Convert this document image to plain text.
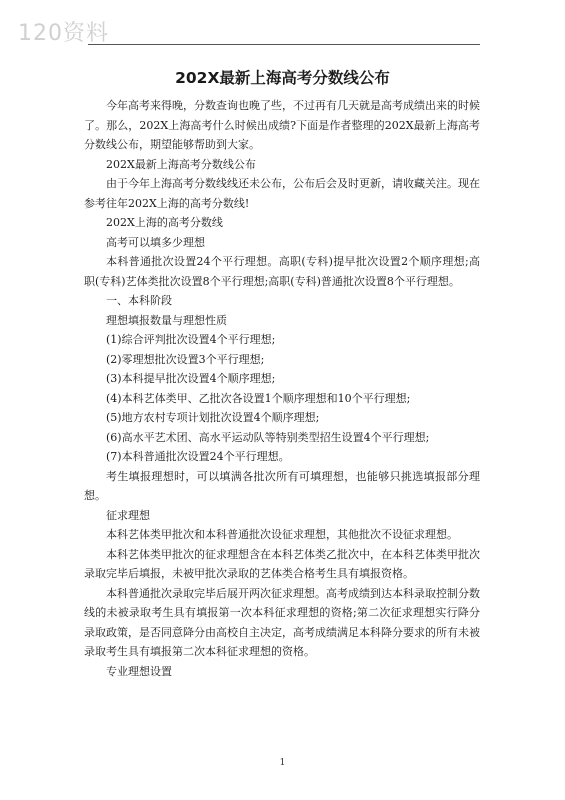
120资料
202X最新上海高考分数线公布

今年高考来得晚，分数查询也晚了些，不过再有几天就是高考成绩出来的时候了。那么，202X上海高考什么时候出成绩?下面是作者整理的202X最新上海高考分数线公布，期望能够帮助到大家。

202X最新上海高考分数线公布

由于今年上海高考分数线线还未公布，公布后会及时更新，请收藏关注。现在参考往年202X上海的高考分数线!

202X上海的高考分数线

高考可以填多少理想

本科普通批次设置24个平行理想。高职(专科)提早批次设置2个顺序理想;高职(专科)艺体类批次设置8个平行理想;高职(专科)普通批次设置8个平行理想。

一、本科阶段

理想填报数量与理想性质

(1)综合评判批次设置4个平行理想;

(2)零理想批次设置3个平行理想;

(3)本科提早批次设置4个顺序理想;

(4)本科艺体类甲、乙批次各设置1个顺序理想和10个平行理想;

(5)地方农村专项计划批次设置4个顺序理想;

(6)高水平艺术团、高水平运动队等特别类型招生设置4个平行理想;

(7)本科普通批次设置24个平行理想。

考生填报理想时，可以填满各批次所有可填理想，也能够只挑选填报部分理想。

征求理想

本科艺体类甲批次和本科普通批次设征求理想，其他批次不设征求理想。

本科艺体类甲批次的征求理想含在本科艺体类乙批次中，在本科艺体类甲批次录取完毕后填报，未被甲批次录取的艺体类合格考生具有填报资格。

本科普通批次录取完毕后展开两次征求理想。高考成绩到达本科录取控制分数线的未被录取考生具有填报第一次本科征求理想的资格;第二次征求理想实行降分录取政策，是否同意降分由高校自主决定，高考成绩满足本科降分要求的所有未被录取考生具有填报第二次本科征求理想的资格。

专业理想设置

1
